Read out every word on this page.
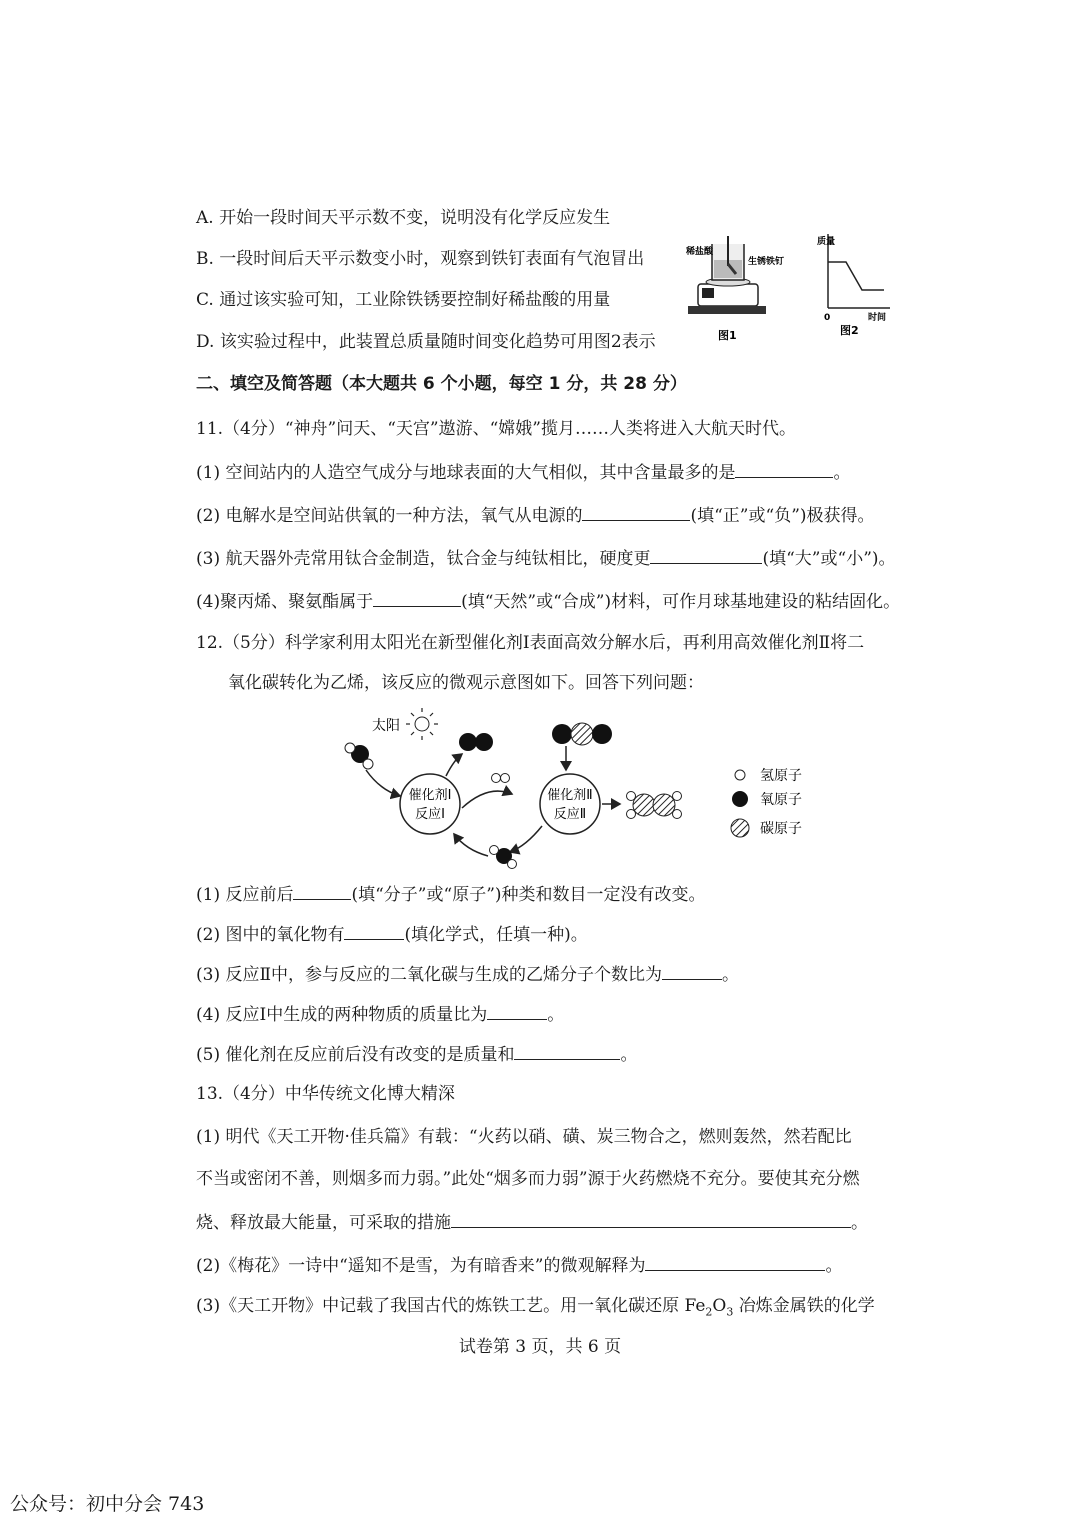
A. 开始一段时间天平示数不变，说明没有化学反应发生
B. 一段时间后天平示数变小时，观察到铁钉表面有气泡冒出
C. 通过该实验可知，工业除铁锈要控制好稀盐酸的用量
D. 该实验过程中，此装置总质量随时间变化趋势可用图2表示
稀盐酸
生锈铁钉
图1
质量
0	时间
图2
二、填空及简答题（本大题共 6 个小题，每空 1 分，共 28 分）
11.（4分）“神舟”问天、“天宫”遨游、“嫦娥”揽月……人类将进入大航天时代。
(1) 空间站内的人造空气成分与地球表面的大气相似，其中含量最多的是	。
(2) 电解水是空间站供氧的一种方法，氧气从电源的	(填“正”或“负”)极获得。
(3) 航天器外壳常用钛合金制造，钛合金与纯钛相比，硬度更	(填“大”或“小”)。
(4)聚丙烯、聚氨酯属于	(填“天然”或“合成”)材料，可作月球基地建设的粘结固化。
12.（5分）科学家利用太阳光在新型催化剂Ⅰ表面高效分解水后，再利用高效催化剂Ⅱ将二
氧化碳转化为乙烯，该反应的微观示意图如下。回答下列问题：
太阳
催化剂Ⅰ
反应Ⅰ
催化剂Ⅱ
反应Ⅱ
氢原子
氧原子
碳原子
(1) 反应前后	(填“分子”或“原子”)种类和数目一定没有改变。
(2) 图中的氧化物有	(填化学式，任填一种)。
(3) 反应Ⅱ中，参与反应的二氧化碳与生成的乙烯分子个数比为	。
(4) 反应Ⅰ中生成的两种物质的质量比为	。
(5) 催化剂在反应前后没有改变的是质量和	。
13.（4分）中华传统文化博大精深
(1) 明代《天工开物·佳兵篇》有载：“火药以硝、磺、炭三物合之，燃则轰然，然若配比
不当或密闭不善，则烟多而力弱。”此处“烟多而力弱”源于火药燃烧不充分。要使其充分燃
烧、释放最大能量，可采取的措施	。
(2)《梅花》一诗中“遥知不是雪，为有暗香来”的微观解释为	。
(3)《天工开物》中记载了我国古代的炼铁工艺。用一氧化碳还原 $Fe_2O_3$ 冶炼金属铁的化学
试卷第 3 页，共 6 页
公众号：初中分会 743
